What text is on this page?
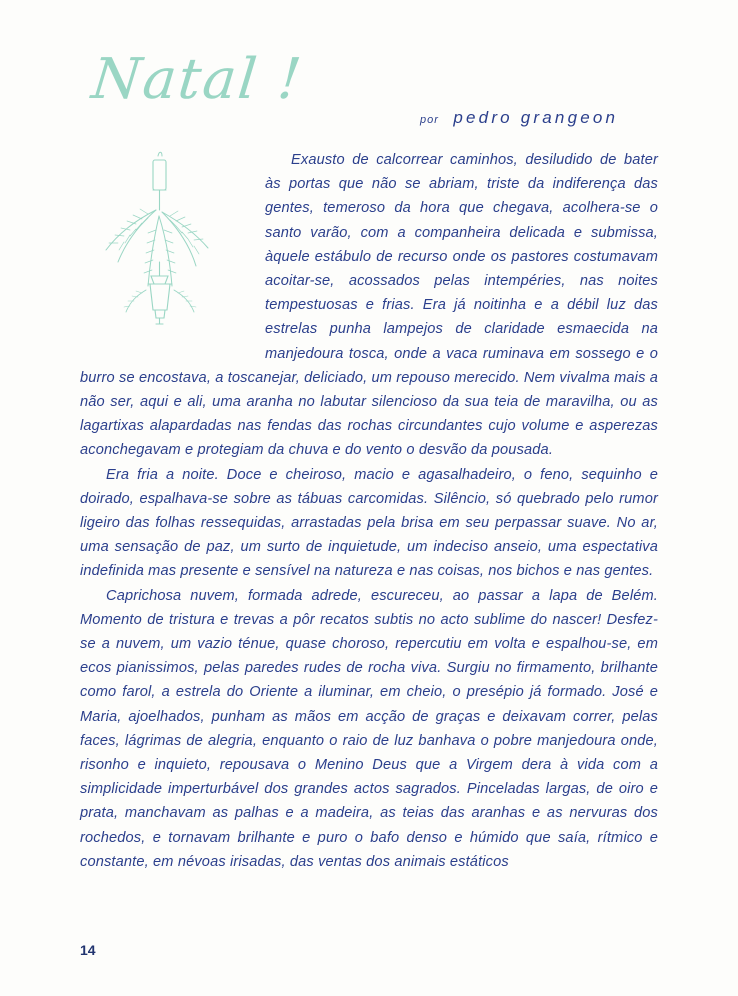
Natal !
por pedro grangeon

Exausto de calcorrear caminhos, desiludido de bater às portas que não se abriam, triste da indiferença das gentes, temeroso da hora que chegava, acolhera-se o santo varão, com a companheira delicada e submissa, àquele estábulo de recurso onde os pastores costumavam acoitar-se, acossados pelas intempéries, nas noites tempestuosas e frias. Era já noitinha e a débil luz das estrelas punha lampejos de claridade esmaecida na manjedoura tosca, onde a vaca ruminava em sossego e o burro se encostava, a toscanejar, deliciado, um repouso merecido. Nem vivalma mais a não ser, aqui e ali, uma aranha no labutar silencioso da sua teia de maravilha, ou as lagartixas alapardadas nas fendas das rochas circundantes cujo volume e asperezas aconchegavam e protegiam da chuva e do vento o desvão da pousada.

Era fria a noite. Doce e cheiroso, macio e agasalhadeiro, o feno, sequinho e doirado, espalhava-se sobre as tábuas carcomidas. Silêncio, só quebrado pelo rumor ligeiro das folhas ressequidas, arrastadas pela brisa em seu perpassar suave. No ar, uma sensação de paz, um surto de inquietude, um indeciso anseio, uma espectativa indefinida mas presente e sensível na natureza e nas coisas, nos bichos e nas gentes.

Caprichosa nuvem, formada adrede, escureceu, ao passar a lapa de Belém. Momento de tristura e trevas a pôr recatos subtis no acto sublime do nascer! Desfez-se a nuvem, um vazio ténue, quase choroso, repercutiu em volta e espalhou-se, em ecos pianissimos, pelas paredes rudes de rocha viva. Surgiu no firmamento, brilhante como farol, a estrela do Oriente a iluminar, em cheio, o presépio já formado. José e Maria, ajoelhados, punham as mãos em acção de graças e deixavam correr, pelas faces, lágrimas de alegria, enquanto o raio de luz banhava o pobre manjedoura onde, risonho e inquieto, repousava o Menino Deus que a Virgem dera à vida com a simplicidade imperturbável dos grandes actos sagrados. Pinceladas largas, de oiro e prata, manchavam as palhas e a madeira, as teias das aranhas e as nervuras dos rochedos, e tornavam brilhante e puro o bafo denso e húmido que saía, rítmico e constante, em névoas irisadas, das ventas dos animais estáticos

14
